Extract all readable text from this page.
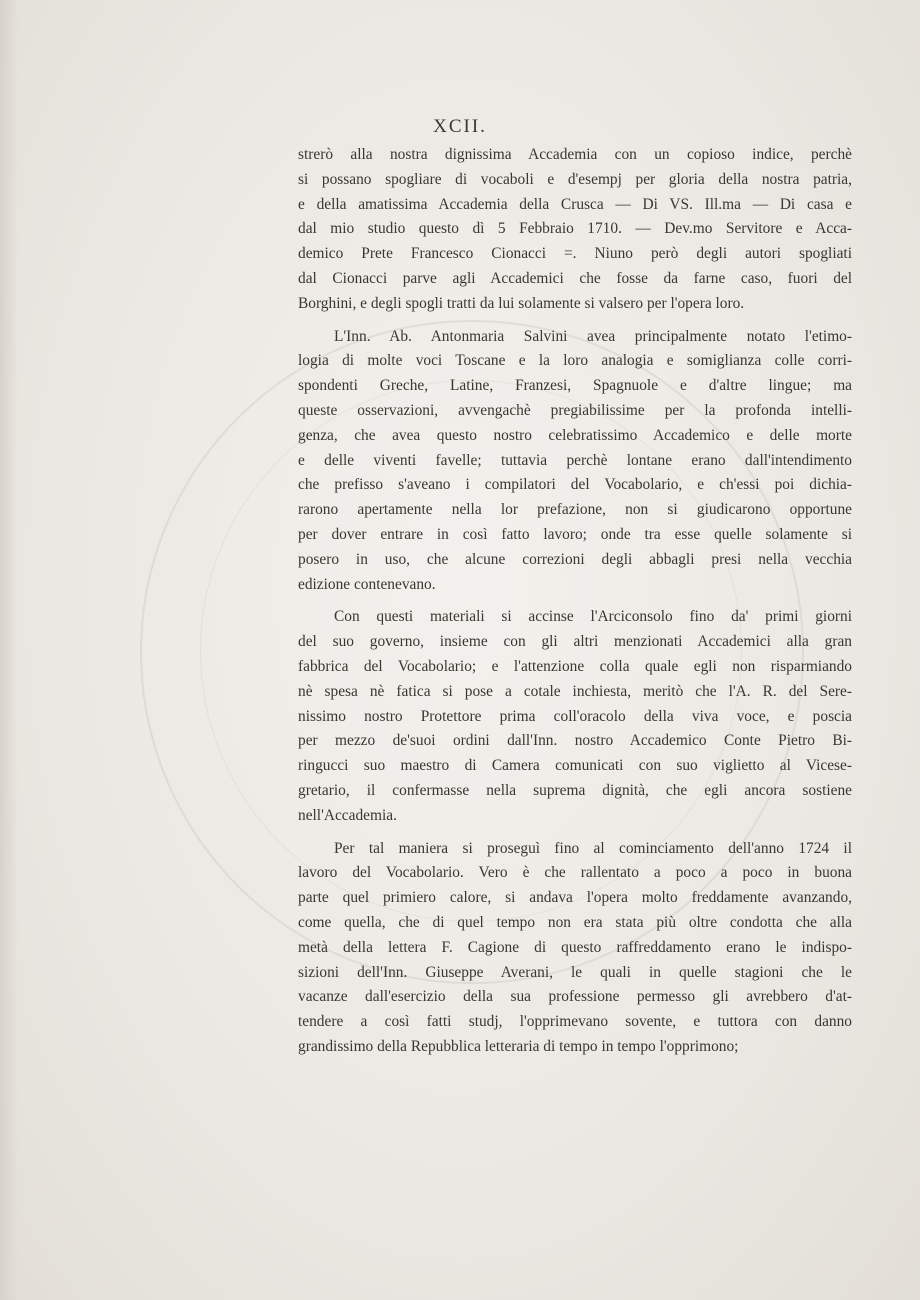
XCII.
strerò alla nostra dignissima Accademia con un copioso indice, perchè
si possano spogliare di vocaboli e d'esempj per gloria della nostra patria,
e della amatissima Accademia della Crusca — Di VS. Ill.ma — Di casa e
dal mio studio questo dì 5 Febbraio 1710. — Dev.mo Servitore e Acca-
demico Prete Francesco Cionacci =. Niuno però degli autori spogliati
dal Cionacci parve agli Accademici che fosse da farne caso, fuori del
Borghini, e degli spogli tratti da lui solamente si valsero per l'opera loro.
L'Inn. Ab. Antonmaria Salvini avea principalmente notato l'etimo-
logia di molte voci Toscane e la loro analogia e somiglianza colle corri-
spondenti Greche, Latine, Franzesi, Spagnuole e d'altre lingue; ma
queste osservazioni, avvengachè pregiabilissime per la profonda intelli-
genza, che avea questo nostro celebratissimo Accademico e delle morte
e delle viventi favelle; tuttavia perchè lontane erano dall'intendimento
che prefisso s'aveano i compilatori del Vocabolario, e ch'essi poi dichia-
rarono apertamente nella lor prefazione, non si giudicarono opportune
per dover entrare in così fatto lavoro; onde tra esse quelle solamente si
posero in uso, che alcune correzioni degli abbagli presi nella vecchia
edizione contenevano.
Con questi materiali si accinse l'Arciconsolo fino da' primi giorni
del suo governo, insieme con gli altri menzionati Accademici alla gran
fabbrica del Vocabolario; e l'attenzione colla quale egli non risparmiando
nè spesa nè fatica si pose a cotale inchiesta, meritò che l'A. R. del Sere-
nissimo nostro Protettore prima coll'oracolo della viva voce, e poscia
per mezzo de'suoi ordini dall'Inn. nostro Accademico Conte Pietro Bi-
ringucci suo maestro di Camera comunicati con suo viglietto al Vicese-
gretario, il confermasse nella suprema dignità, che egli ancora sostiene
nell'Accademia.
Per tal maniera si proseguì fino al cominciamento dell'anno 1724 il
lavoro del Vocabolario. Vero è che rallentato a poco a poco in buona
parte quel primiero calore, si andava l'opera molto freddamente avanzando,
come quella, che di quel tempo non era stata più oltre condotta che alla
metà della lettera F. Cagione di questo raffreddamento erano le indispo-
sizioni dell'Inn. Giuseppe Averani, le quali in quelle stagioni che le
vacanze dall'esercizio della sua professione permesso gli avrebbero d'at-
tendere a così fatti studj, l'opprimevano sovente, e tuttora con danno
grandissimo della Repubblica letteraria di tempo in tempo l'opprimono;
